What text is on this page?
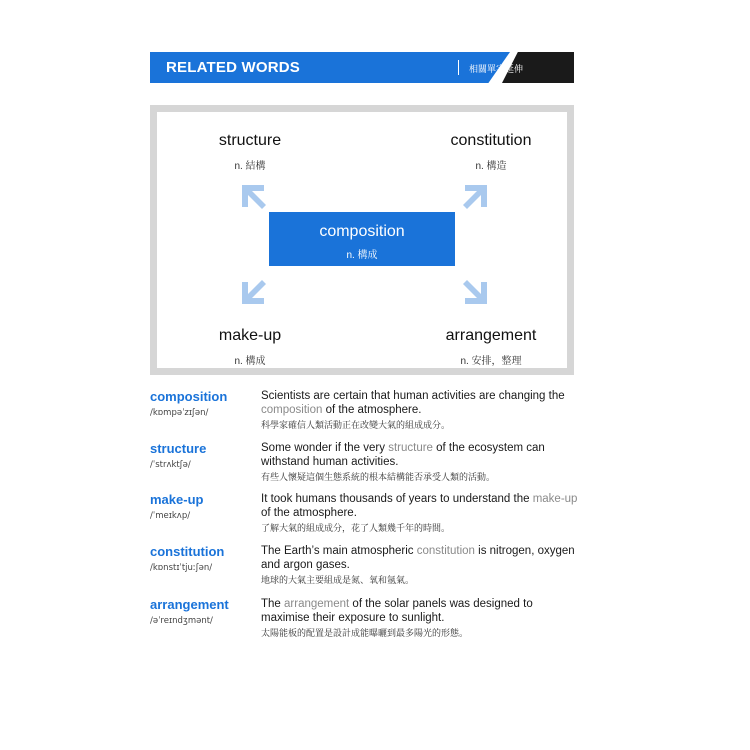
RELATED WORDS	相關單字延伸
structure
n. 結構
constitution
n. 構造
make-up
n. 構成
arrangement
n. 安排，整理
composition
n. 構成
composition
/kɒmpəˈzɪʃən/
Scientists are certain that human activities are changing the composition of the atmosphere.
科學家確信人類活動正在改變大氣的組成成分。
structure
/ˈstrʌktʃə/
Some wonder if the very structure of the ecosystem can withstand human activities.
有些人懷疑這個生態系統的根本結構能否承受人類的活動。
make-up
/ˈmeɪkʌp/
It took humans thousands of years to understand the make-up of the atmosphere.
了解大氣的組成成分，花了人類幾千年的時間。
constitution
/kɒnstɪˈtjuːʃən/
The Earth’s main atmospheric constitution is nitrogen, oxygen and argon gases.
地球的大氣主要組成是氮、氧和氬氣。
arrangement
/əˈreɪndʒmənt/
The arrangement of the solar panels was designed to maximise their exposure to sunlight.
太陽能板的配置是設計成能曝曬到最多陽光的形態。
